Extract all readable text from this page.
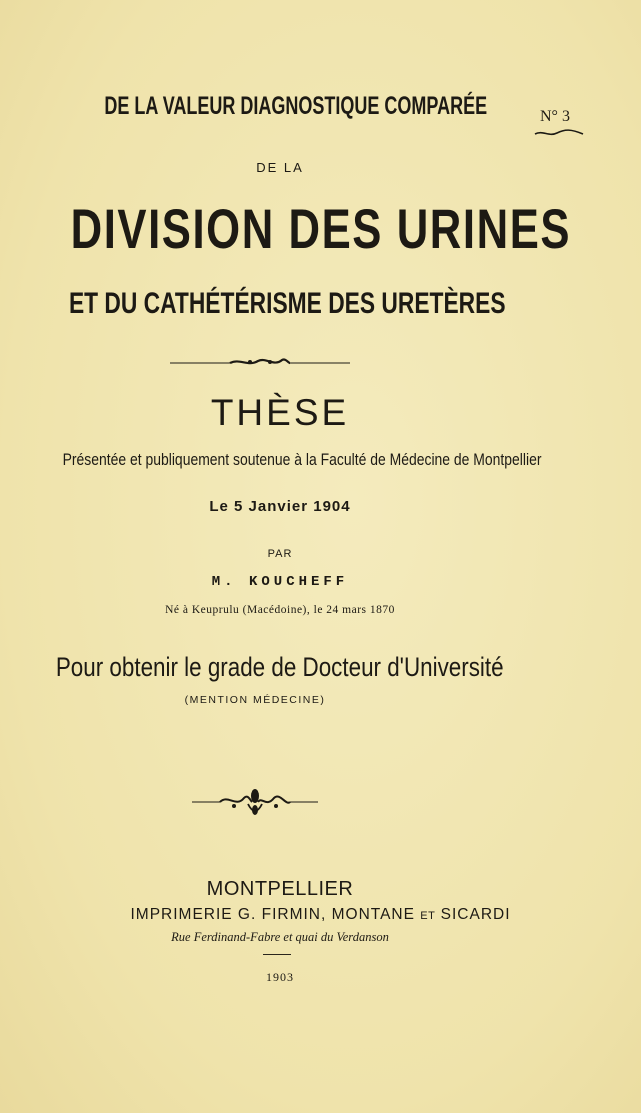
DE LA VALEUR DIAGNOSTIQUE COMPARÉE	N° 3
DE LA
DIVISION DES URINES
ET DU CATHÉTÉRISME DES URETÈRES
THÈSE
Présentée et publiquement soutenue à la Faculté de Médecine de Montpellier
Le 5 Janvier 1904
PAR
M. KOUCHEFF
Né à Keuprulu (Macédoine), le 24 mars 1870
Pour obtenir le grade de Docteur d'Université
(MENTION MÉDECINE)
MONTPELLIER
IMPRIMERIE G. FIRMIN, MONTANE ET SICARDI
Rue Ferdinand-Fabre et quai du Verdanson
1903
